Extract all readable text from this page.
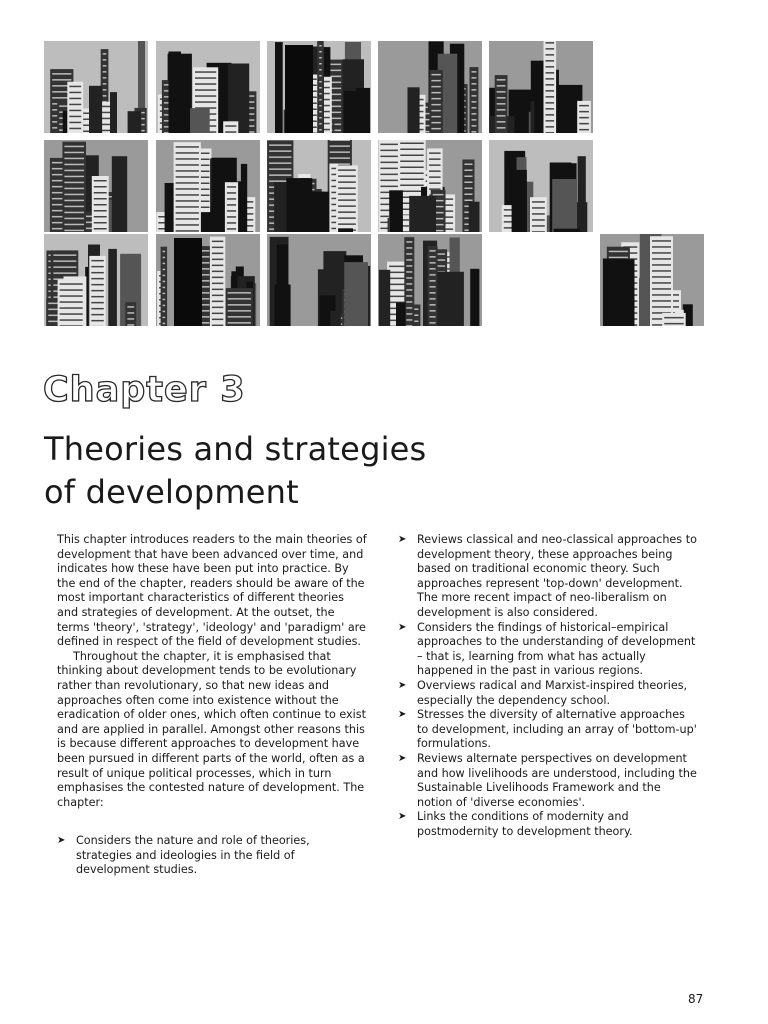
Chapter 3
Theories and strategies
of development

This chapter introduces readers to the main theories of development that have been advanced over time, and indicates how these have been put into practice. By the end of the chapter, readers should be aware of the most important characteristics of different theories and strategies of development. At the outset, the terms 'theory', 'strategy', 'ideology' and 'paradigm' are defined in respect of the field of development studies.

Throughout the chapter, it is emphasised that thinking about development tends to be evolutionary rather than revolutionary, so that new ideas and approaches often come into existence without the eradication of older ones, which often continue to exist and are applied in parallel. Amongst other reasons this is because different approaches to development have been pursued in different parts of the world, often as a result of unique political processes, which in turn emphasises the contested nature of development. The chapter:

➤ Considers the nature and role of theories, strategies and ideologies in the field of development studies.
➤ Reviews classical and neo-classical approaches to development theory, these approaches being based on traditional economic theory. Such approaches represent 'top-down' development. The more recent impact of neo-liberalism on development is also considered.
➤ Considers the findings of historical–empirical approaches to the understanding of development – that is, learning from what has actually happened in the past in various regions.
➤ Overviews radical and Marxist-inspired theories, especially the dependency school.
➤ Stresses the diversity of alternative approaches to development, including an array of 'bottom-up' formulations.
➤ Reviews alternate perspectives on development and how livelihoods are understood, including the Sustainable Livelihoods Framework and the notion of 'diverse economies'.
➤ Links the conditions of modernity and postmodernity to development theory.
87
